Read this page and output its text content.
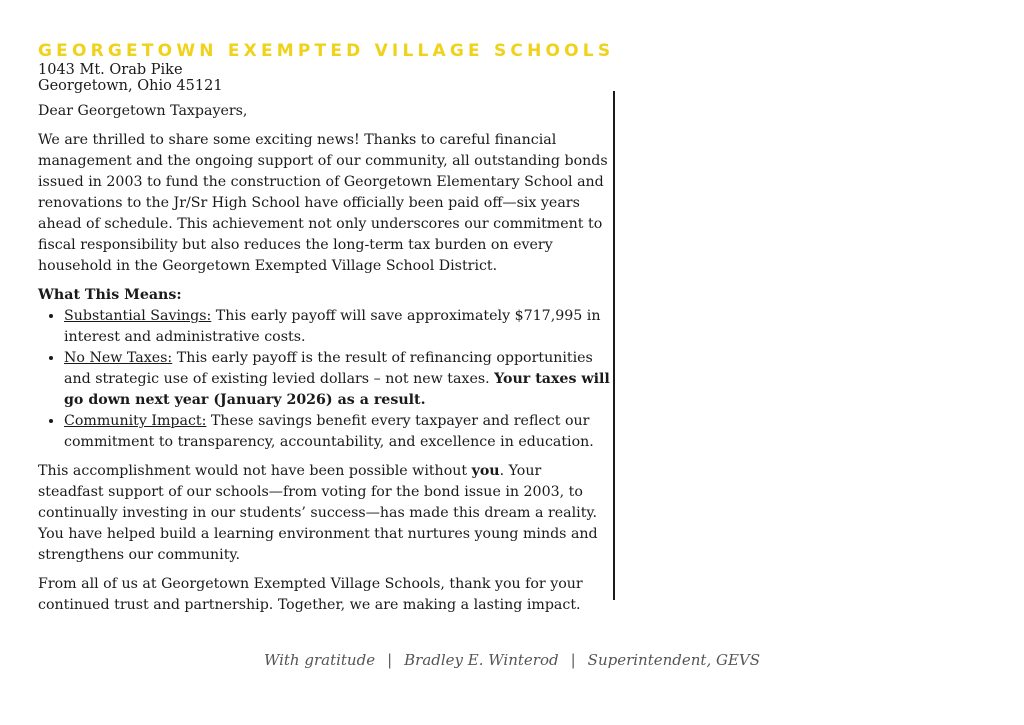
GEORGETOWN EXEMPTED VILLAGE SCHOOLS
1043 Mt. Orab Pike
Georgetown, Ohio 45121

Dear Georgetown Taxpayers,

We are thrilled to share some exciting news! Thanks to careful financial management and the ongoing support of our community, all outstanding bonds issued in 2003 to fund the construction of Georgetown Elementary School and renovations to the Jr/Sr High School have officially been paid off—six years ahead of schedule. This achievement not only underscores our commitment to fiscal responsibility but also reduces the long-term tax burden on every household in the Georgetown Exempted Village School District.

What This Means:

• Substantial Savings: This early payoff will save approximately $717,995 in interest and administrative costs.
• No New Taxes: This early payoff is the result of refinancing opportunities and strategic use of existing levied dollars – not new taxes. Your taxes will go down next year (January 2026) as a result.
• Community Impact: These savings benefit every taxpayer and reflect our commitment to transparency, accountability, and excellence in education.

This accomplishment would not have been possible without you. Your steadfast support of our schools—from voting for the bond issue in 2003, to continually investing in our students’ success—has made this dream a reality. You have helped build a learning environment that nurtures young minds and strengthens our community.

From all of us at Georgetown Exempted Village Schools, thank you for your continued trust and partnership. Together, we are making a lasting impact.

With gratitude | Bradley E. Winterod | Superintendent, GEVS
